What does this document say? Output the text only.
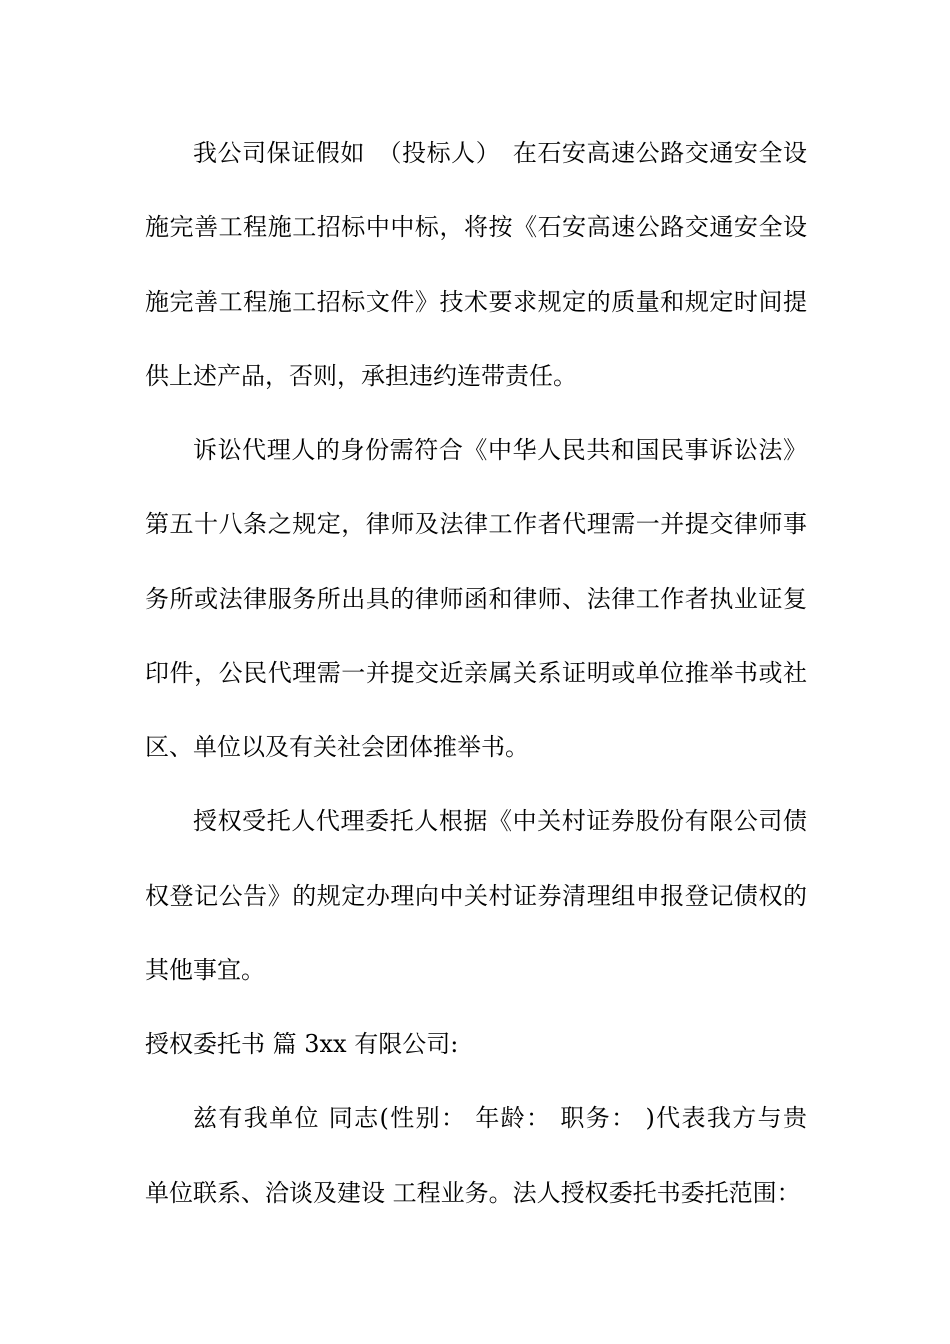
我公司保证假如　（投标人）　在石安高速公路交通安全设
施完善工程施工招标中中标，将按《石安高速公路交通安全设
施完善工程施工招标文件》技术要求规定的质量和规定时间提
供上述产品，否则，承担违约连带责任。
诉讼代理人的身份需符合《中华人民共和国民事诉讼法》
第五十八条之规定，律师及法律工作者代理需一并提交律师事
务所或法律服务所出具的律师函和律师、法律工作者执业证复
印件，公民代理需一并提交近亲属关系证明或单位推举书或社
区、单位以及有关社会团体推举书。
授权受托人代理委托人根据《中关村证券股份有限公司债
权登记公告》的规定办理向中关村证券清理组申报登记债权的
其他事宜。
授权委托书 篇 3xx 有限公司:
兹有我单位 同志(性别： 年龄： 职务： )代表我方与贵
单位联系、洽谈及建设 工程业务。法人授权委托书委托范围：
